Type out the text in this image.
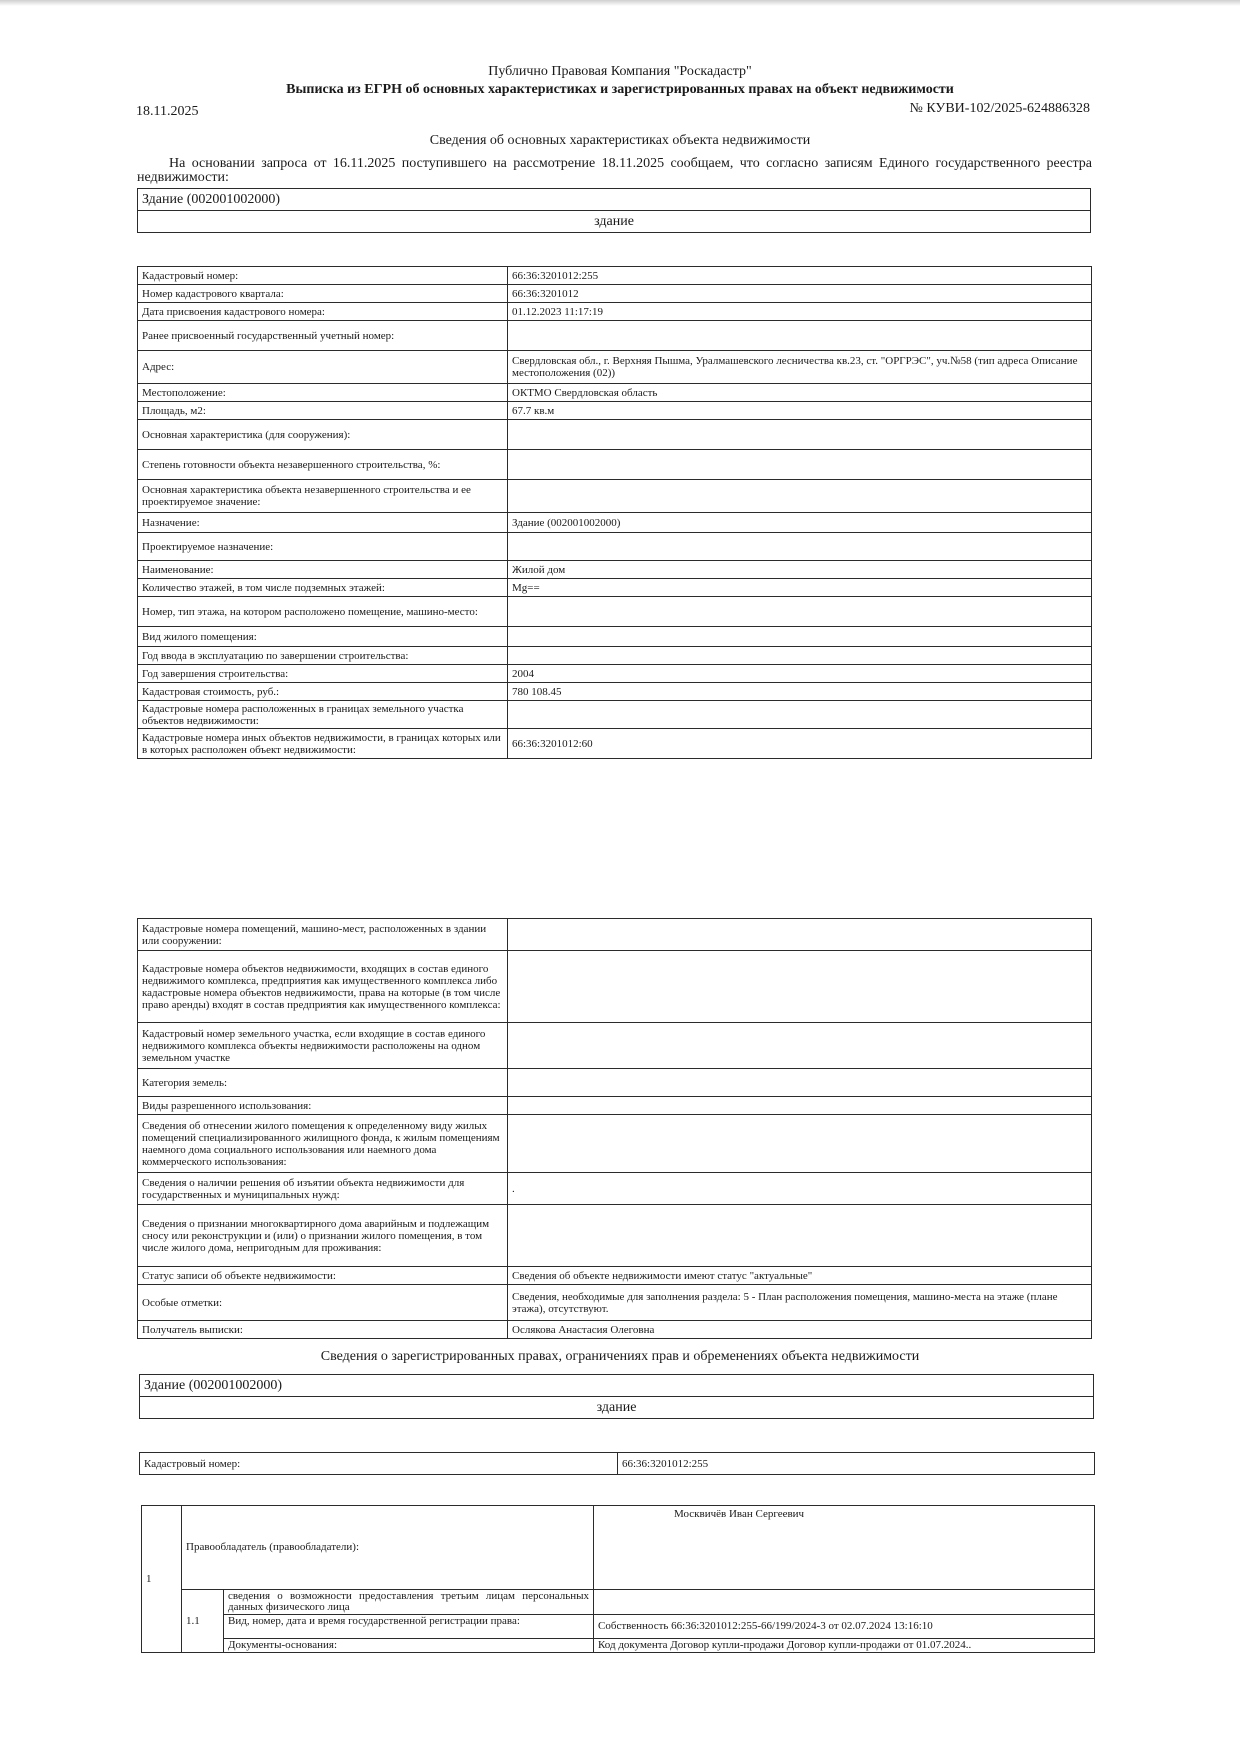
Публично Правовая Компания "Роскадастр"
Выписка из ЕГРН об основных характеристиках и зарегистрированных правах на объект недвижимости
18.11.2025	№ КУВИ-102/2025-624886328
Сведения об основных характеристиках объекта недвижимости
На основании запроса от 16.11.2025 поступившего на рассмотрение 18.11.2025 сообщаем, что согласно записям Единого государственного реестра недвижимости:
Здание (002001002000)
здание
Кадастровый номер:	66:36:3201012:255
Номер кадастрового квартала:	66:36:3201012
Дата присвоения кадастрового номера:	01.12.2023 11:17:19
Ранее присвоенный государственный учетный номер:	
Адрес:	Свердловская обл., г. Верхняя Пышма, Уралмашевского лесничества кв.23, ст. "ОРГРЭС", уч.№58 (тип адреса Описание местоположения (02))
Местоположение:	ОКТМО Свердловская область
Площадь, м2:	67.7 кв.м
Основная характеристика (для сооружения):	
Степень готовности объекта незавершенного строительства, %:	
Основная характеристика объекта незавершенного строительства и ее проектируемое значение:	
Назначение:	Здание (002001002000)
Проектируемое назначение:	
Наименование:	Жилой дом
Количество этажей, в том числе подземных этажей:	Mg==
Номер, тип этажа, на котором расположено помещение, машино-место:	
Вид жилого помещения:	
Год ввода в эксплуатацию по завершении строительства:	
Год завершения строительства:	2004
Кадастровая стоимость, руб.:	780 108.45
Кадастровые номера расположенных в границах земельного участка объектов недвижимости:	
Кадастровые номера иных объектов недвижимости, в границах которых или в которых расположен объект недвижимости:	66:36:3201012:60
Кадастровые номера помещений, машино-мест, расположенных в здании или сооружении:	
Кадастровые номера объектов недвижимости, входящих в состав единого недвижимого комплекса, предприятия как имущественного комплекса либо кадастровые номера объектов недвижимости, права на которые (в том числе право аренды) входят в состав предприятия как имущественного комплекса:	
Кадастровый номер земельного участка, если входящие в состав единого недвижимого комплекса объекты недвижимости расположены на одном земельном участке	
Категория земель:	
Виды разрешенного использования:	
Сведения об отнесении жилого помещения к определенному виду жилых помещений специализированного жилищного фонда, к жилым помещениям наемного дома социального использования или наемного дома коммерческого использования:	
Сведения о наличии решения об изъятии объекта недвижимости для государственных и муниципальных нужд:	.
Сведения о признании многоквартирного дома аварийным и подлежащим сносу или реконструкции и (или) о признании жилого помещения, в том числе жилого дома, непригодным для проживания:	
Статус записи об объекте недвижимости:	Сведения об объекте недвижимости имеют статус "актуальные"
Особые отметки:	Сведения, необходимые для заполнения раздела: 5 - План расположения помещения, машино-места на этаже (плане этажа), отсутствуют.
Получатель выписки:	Ослякова Анастасия Олеговна
Сведения о зарегистрированных правах, ограничениях прав и обременениях объекта недвижимости
Здание (002001002000)
здание
Кадастровый номер:	66:36:3201012:255
1	Правообладатель (правообладатели):		Москвичёв Иван Сергеевич
	1.1	сведения о возможности предоставления третьим лицам персональных данных физического лица	
		Вид, номер, дата и время государственной регистрации права:	Собственность 66:36:3201012:255-66/199/2024-3 от 02.07.2024 13:16:10
		Документы-основания:	Код документа Договор купли-продажи Договор купли-продажи от 01.07.2024..
